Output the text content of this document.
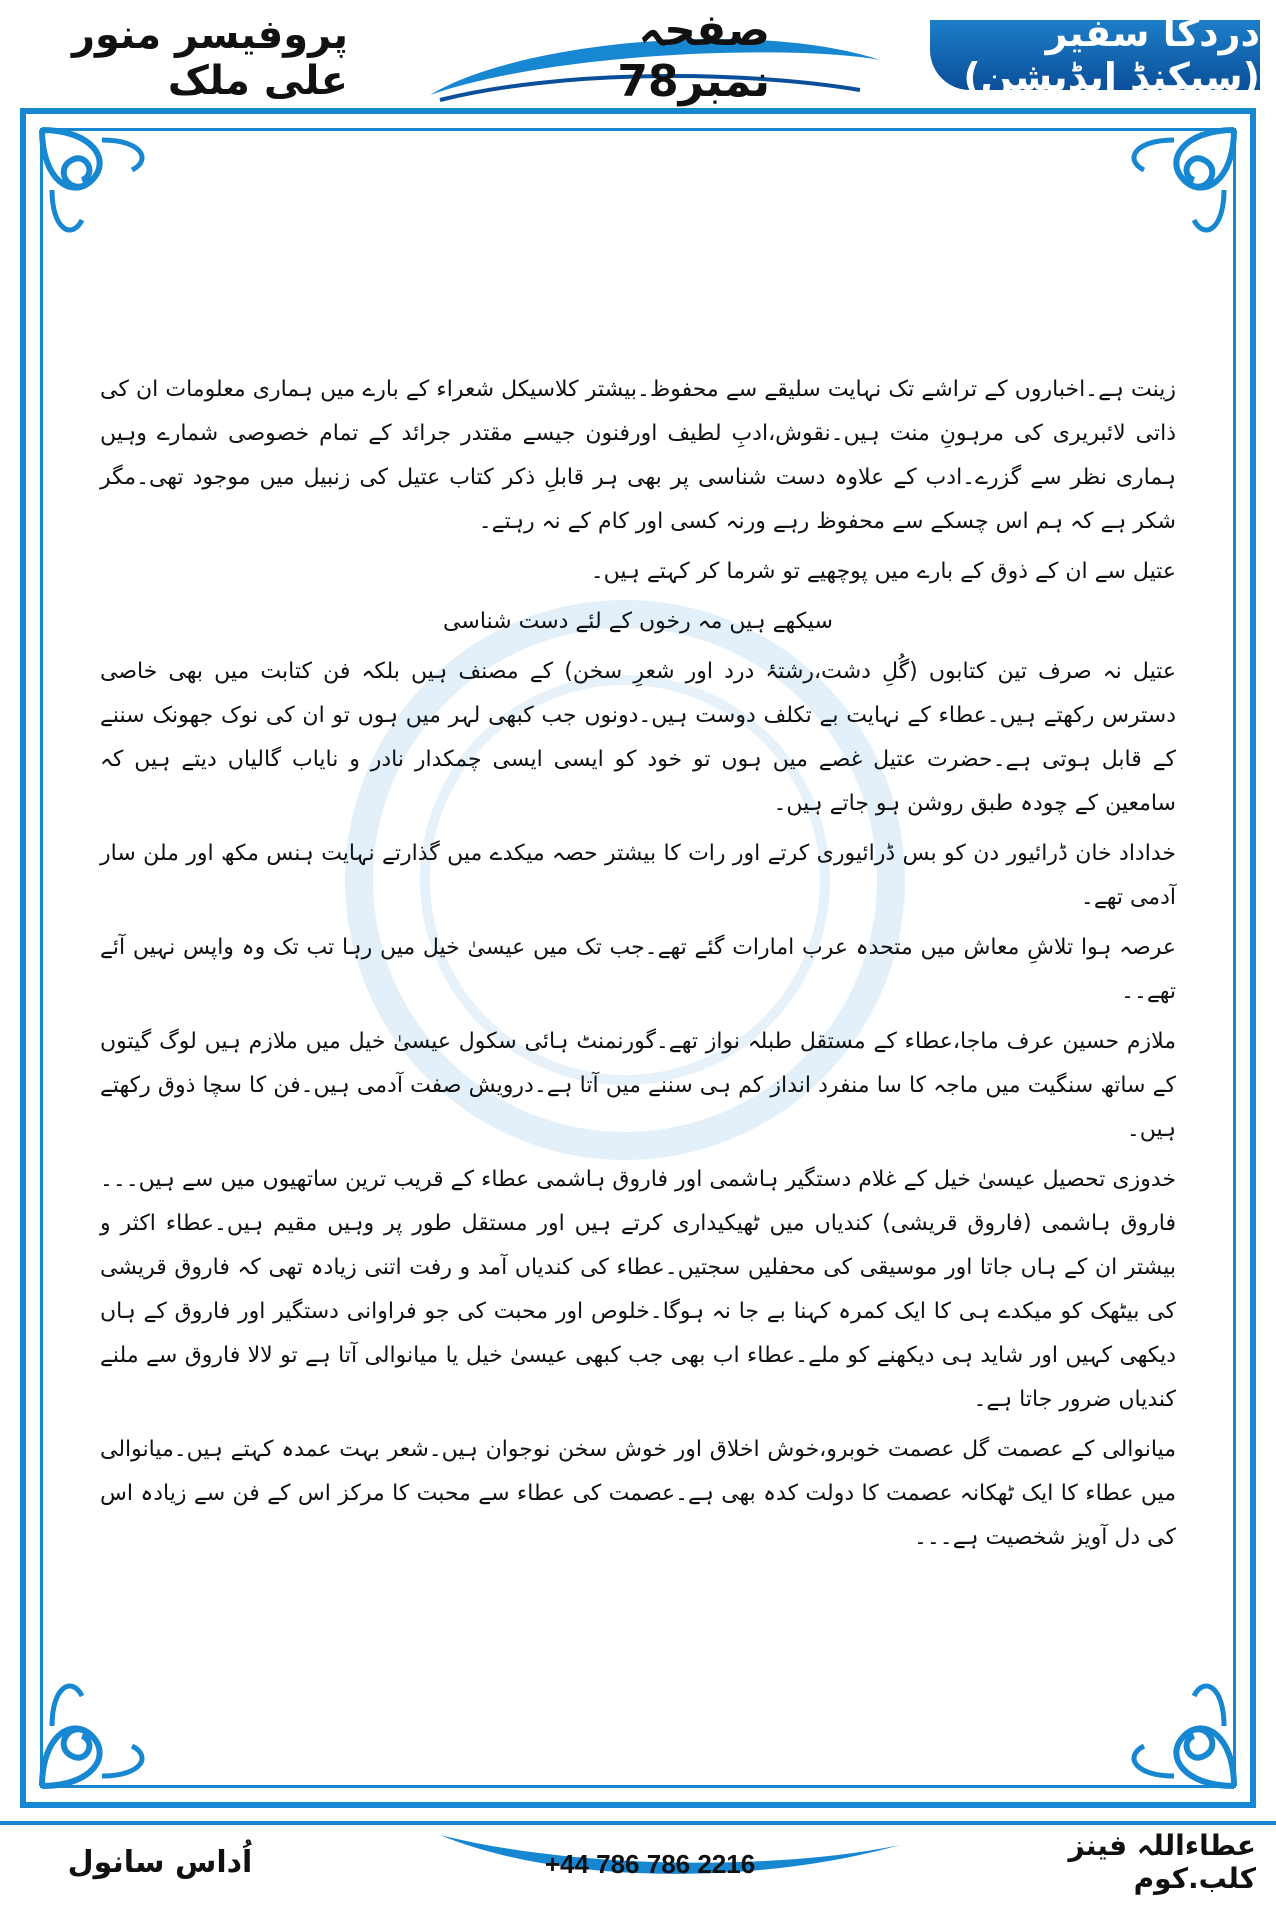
دردکا سفیر (سیکنڈ ایڈیشن)
صفحہ نمبر78
پروفیسر منور علی ملک

زینت ہے۔اخباروں کے تراشے تک نہایت سلیقے سے محفوظ۔بیشتر کلاسیکل شعراء کے بارے میں ہماری معلومات ان کی ذاتی لائبریری کی مرہونِ منت ہیں۔نقوش،ادبِ لطیف اورفنون جیسے مقتدر جرائد کے تمام خصوصی شمارے وہیں ہماری نظر سے گزرے۔ادب کے علاوہ دست شناسی پر بھی ہر قابلِ ذکر کتاب عتیل کی زنبیل میں موجود تھی۔مگر شکر ہے کہ ہم اس چسکے سے محفوظ رہے ورنہ کسی اور کام کے نہ رہتے۔

عتیل سے ان کے ذوق کے بارے میں پوچھیے تو شرما کر کہتے ہیں۔

سیکھے ہیں مہ رخوں کے لئے دست شناسی

عتیل نہ صرف تین کتابوں (گُلِ دشت،رشتۂ درد اور شعرِ سخن) کے مصنف ہیں بلکہ فن کتابت میں بھی خاصی دسترس رکھتے ہیں۔عطاء کے نہایت بے تکلف دوست ہیں۔دونوں جب کبھی لہر میں ہوں تو ان کی نوک جھونک سننے کے قابل ہوتی ہے۔حضرت عتیل غصے میں ہوں تو خود کو ایسی ایسی چمکدار نادر و نایاب گالیاں دیتے ہیں کہ سامعین کے چودہ طبق روشن ہو جاتے ہیں۔

خداداد خان ڈرائیور دن کو بس ڈرائیوری کرتے اور رات کا بیشتر حصہ میکدے میں گذارتے نہایت ہنس مکھ اور ملن سار آدمی تھے۔

عرصہ ہوا تلاشِ معاش میں متحدہ عرب امارات گئے تھے۔جب تک میں عیسیٰ خیل میں رہا تب تک وہ واپس نہیں آئے تھے۔۔

ملازم حسین عرف ماجا،عطاء کے مستقل طبلہ نواز تھے۔گورنمنٹ ہائی سکول عیسیٰ خیل میں ملازم ہیں لوگ گیتوں کے ساتھ سنگیت میں ماجہ کا سا منفرد انداز کم ہی سننے میں آتا ہے۔درویش صفت آدمی ہیں۔فن کا سچا ذوق رکھتے ہیں۔

خدوزی تحصیل عیسیٰ خیل کے غلام دستگیر ہاشمی اور فاروق ہاشمی عطاء کے قریب ترین ساتھیوں میں سے ہیں۔۔۔فاروق ہاشمی (فاروق قریشی) کندیاں میں ٹھیکیداری کرتے ہیں اور مستقل طور پر وہیں مقیم ہیں۔عطاء اکثر و بیشتر ان کے ہاں جاتا اور موسیقی کی محفلیں سجتیں۔عطاء کی کندیاں آمد و رفت اتنی زیادہ تھی کہ فاروق قریشی کی بیٹھک کو میکدے ہی کا ایک کمرہ کہنا بے جا نہ ہوگا۔خلوص اور محبت کی جو فراوانی دستگیر اور فاروق کے ہاں دیکھی کہیں اور شاید ہی دیکھنے کو ملے۔عطاء اب بھی جب کبھی عیسیٰ خیل یا میانوالی آتا ہے تو لالا فاروق سے ملنے کندیاں ضرور جاتا ہے۔

میانوالی کے عصمت گل عصمت خوبرو،خوش اخلاق اور خوش سخن نوجوان ہیں۔شعر بہت عمدہ کہتے ہیں۔میانوالی میں عطاء کا ایک ٹھکانہ عصمت کا دولت کدہ بھی ہے۔عصمت کی عطاء سے محبت کا مرکز اس کے فن سے زیادہ اس کی دل آویز شخصیت ہے۔۔۔

اُداس سانول	+44 786 786 2216
عطاءاللہ فینز کلب.کوم
